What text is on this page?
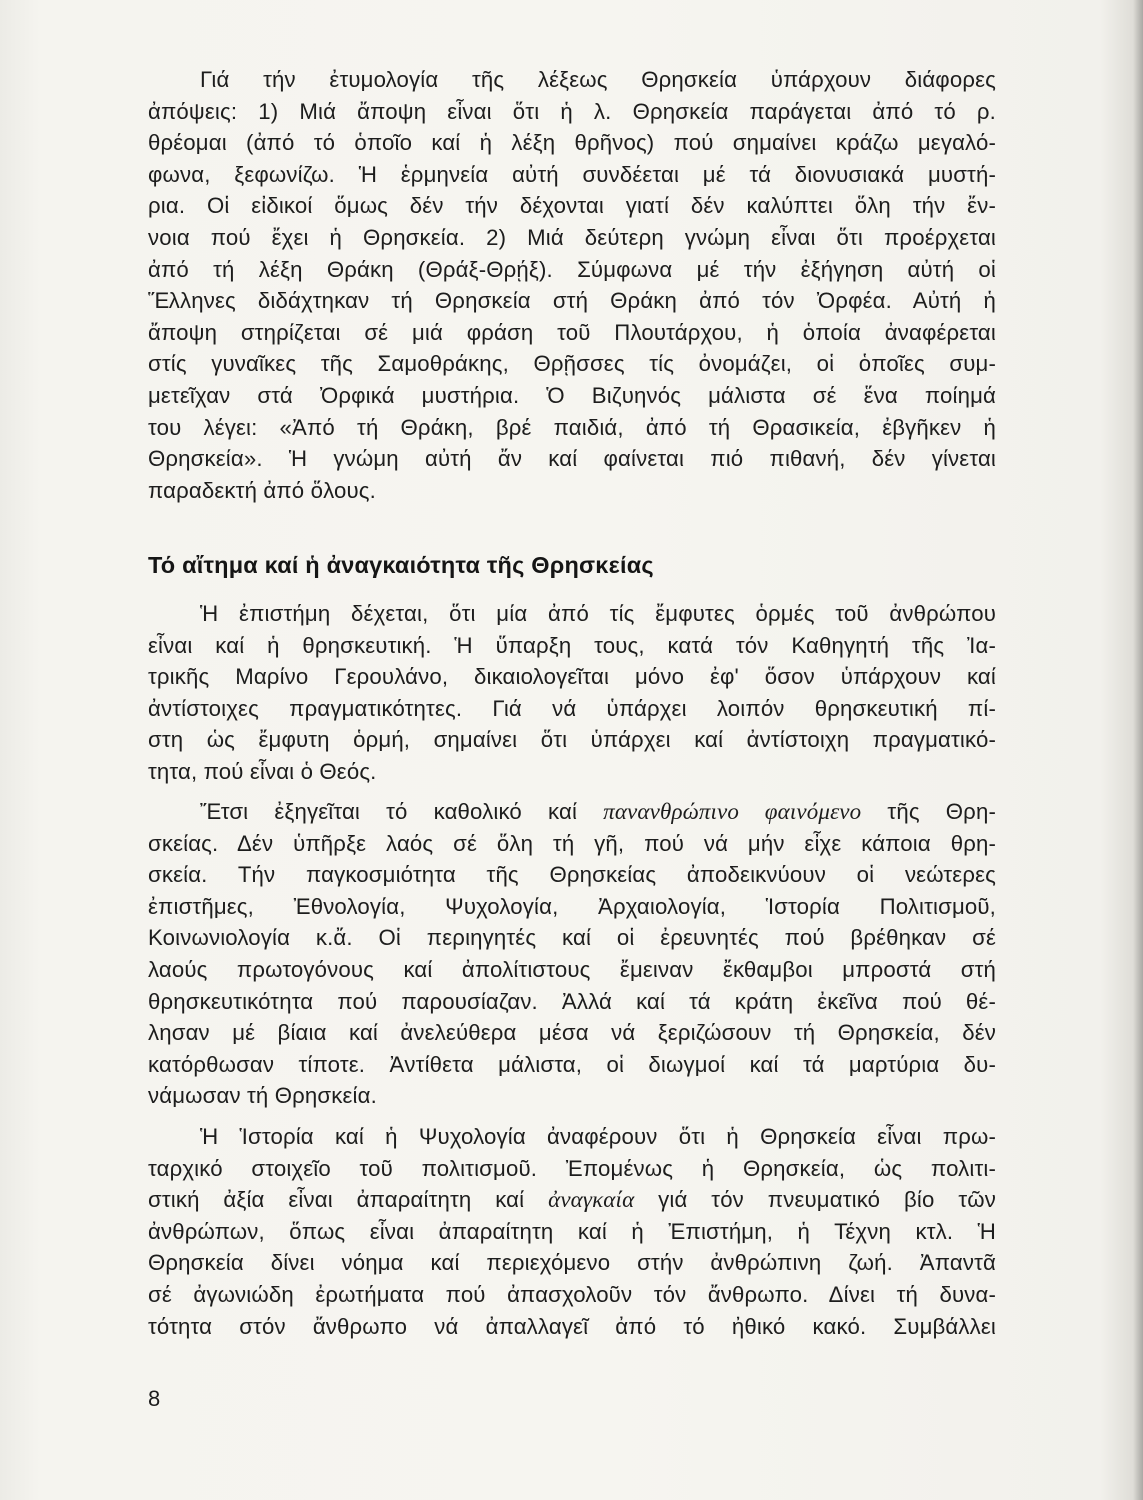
Γιά τήν ἐτυμολογία τῆς λέξεως Θρησκεία ὑπάρχουν διάφορες
ἀπόψεις: 1) Μιά ἄποψη εἶναι ὅτι ἡ λ. Θρησκεία παράγεται ἀπό τό ρ.
θρέομαι (ἀπό τό ὁποῖο καί ἡ λέξη θρῆνος) πού σημαίνει κράζω μεγαλό-
φωνα, ξεφωνίζω. Ἡ ἑρμηνεία αὐτή συνδέεται μέ τά διονυσιακά μυστή-
ρια. Οἱ εἰδικοί ὅμως δέν τήν δέχονται γιατί δέν καλύπτει ὅλη τήν ἔν-
νοια πού ἔχει ἡ Θρησκεία. 2) Μιά δεύτερη γνώμη εἶναι ὅτι προέρχεται
ἀπό τή λέξη Θράκη (Θράξ-Θρῄξ). Σύμφωνα μέ τήν ἐξήγηση αὐτή οἱ
Ἕλληνες διδάχτηκαν τή Θρησκεία στή Θράκη ἀπό τόν Ὀρφέα. Αὐτή ἡ
ἄποψη στηρίζεται σέ μιά φράση τοῦ Πλουτάρχου, ἡ ὁποία ἀναφέρεται
στίς γυναῖκες τῆς Σαμοθράκης, Θρῇσσες τίς ὀνομάζει, οἱ ὁποῖες συμ-
μετεῖχαν στά Ὀρφικά μυστήρια. Ὁ Βιζυηνός μάλιστα σέ ἕνα ποίημά
του λέγει: «Ἀπό τή Θράκη, βρέ παιδιά, ἀπό τή Θρασικεία, ἐβγῆκεν ἡ
Θρησκεία». Ἡ γνώμη αὐτή ἄν καί φαίνεται πιό πιθανή, δέν γίνεται
παραδεκτή ἀπό ὅλους.
Τό αἴτημα καί ἡ ἀναγκαιότητα τῆς Θρησκείας
Ἡ ἐπιστήμη δέχεται, ὅτι μία ἀπό τίς ἔμφυτες ὁρμές τοῦ ἀνθρώπου
εἶναι καί ἡ θρησκευτική. Ἡ ὕπαρξη τους, κατά τόν Καθηγητή τῆς Ἰα-
τρικῆς Μαρίνο Γερουλάνο, δικαιολογεῖται μόνο ἐφ' ὅσον ὑπάρχουν καί
ἀντίστοιχες πραγματικότητες. Γιά νά ὑπάρχει λοιπόν θρησκευτική πί-
στη ὡς ἔμφυτη ὁρμή, σημαίνει ὅτι ὑπάρχει καί ἀντίστοιχη πραγματικό-
τητα, πού εἶναι ὁ Θεός.
Ἔτσι ἐξηγεῖται τό καθολικό καί πανανθρώπινο φαινόμενο τῆς Θρη-
σκείας. Δέν ὑπῆρξε λαός σέ ὅλη τή γῆ, πού νά μήν εἶχε κάποια θρη-
σκεία. Τήν παγκοσμιότητα τῆς Θρησκείας ἀποδεικνύουν οἱ νεώτερες
ἐπιστῆμες, Ἐθνολογία, Ψυχολογία, Ἀρχαιολογία, Ἱστορία Πολιτισμοῦ,
Κοινωνιολογία κ.ἄ. Οἱ περιηγητές καί οἱ ἐρευνητές πού βρέθηκαν σέ
λαούς πρωτογόνους καί ἀπολίτιστους ἔμειναν ἔκθαμβοι μπροστά στή
θρησκευτικότητα πού παρουσίαζαν. Ἀλλά καί τά κράτη ἐκεῖνα πού θέ-
λησαν μέ βίαια καί ἀνελεύθερα μέσα νά ξεριζώσουν τή Θρησκεία, δέν
κατόρθωσαν τίποτε. Ἀντίθετα μάλιστα, οἱ διωγμοί καί τά μαρτύρια δυ-
νάμωσαν τή Θρησκεία.
Ἡ Ἱστορία καί ἡ Ψυχολογία ἀναφέρουν ὅτι ἡ Θρησκεία εἶναι πρω-
ταρχικό στοιχεῖο τοῦ πολιτισμοῦ. Ἐπομένως ἡ Θρησκεία, ὡς πολιτι-
στική ἀξία εἶναι ἀπαραίτητη καί ἀναγκαία γιά τόν πνευματικό βίο τῶν
ἀνθρώπων, ὅπως εἶναι ἀπαραίτητη καί ἡ Ἐπιστήμη, ἡ Τέχνη κτλ. Ἡ
Θρησκεία δίνει νόημα καί περιεχόμενο στήν ἀνθρώπινη ζωή. Ἀπαντᾶ
σέ ἀγωνιώδη ἐρωτήματα πού ἀπασχολοῦν τόν ἄνθρωπο. Δίνει τή δυνα-
τότητα στόν ἄνθρωπο νά ἀπαλλαγεῖ ἀπό τό ἠθικό κακό. Συμβάλλει
8
